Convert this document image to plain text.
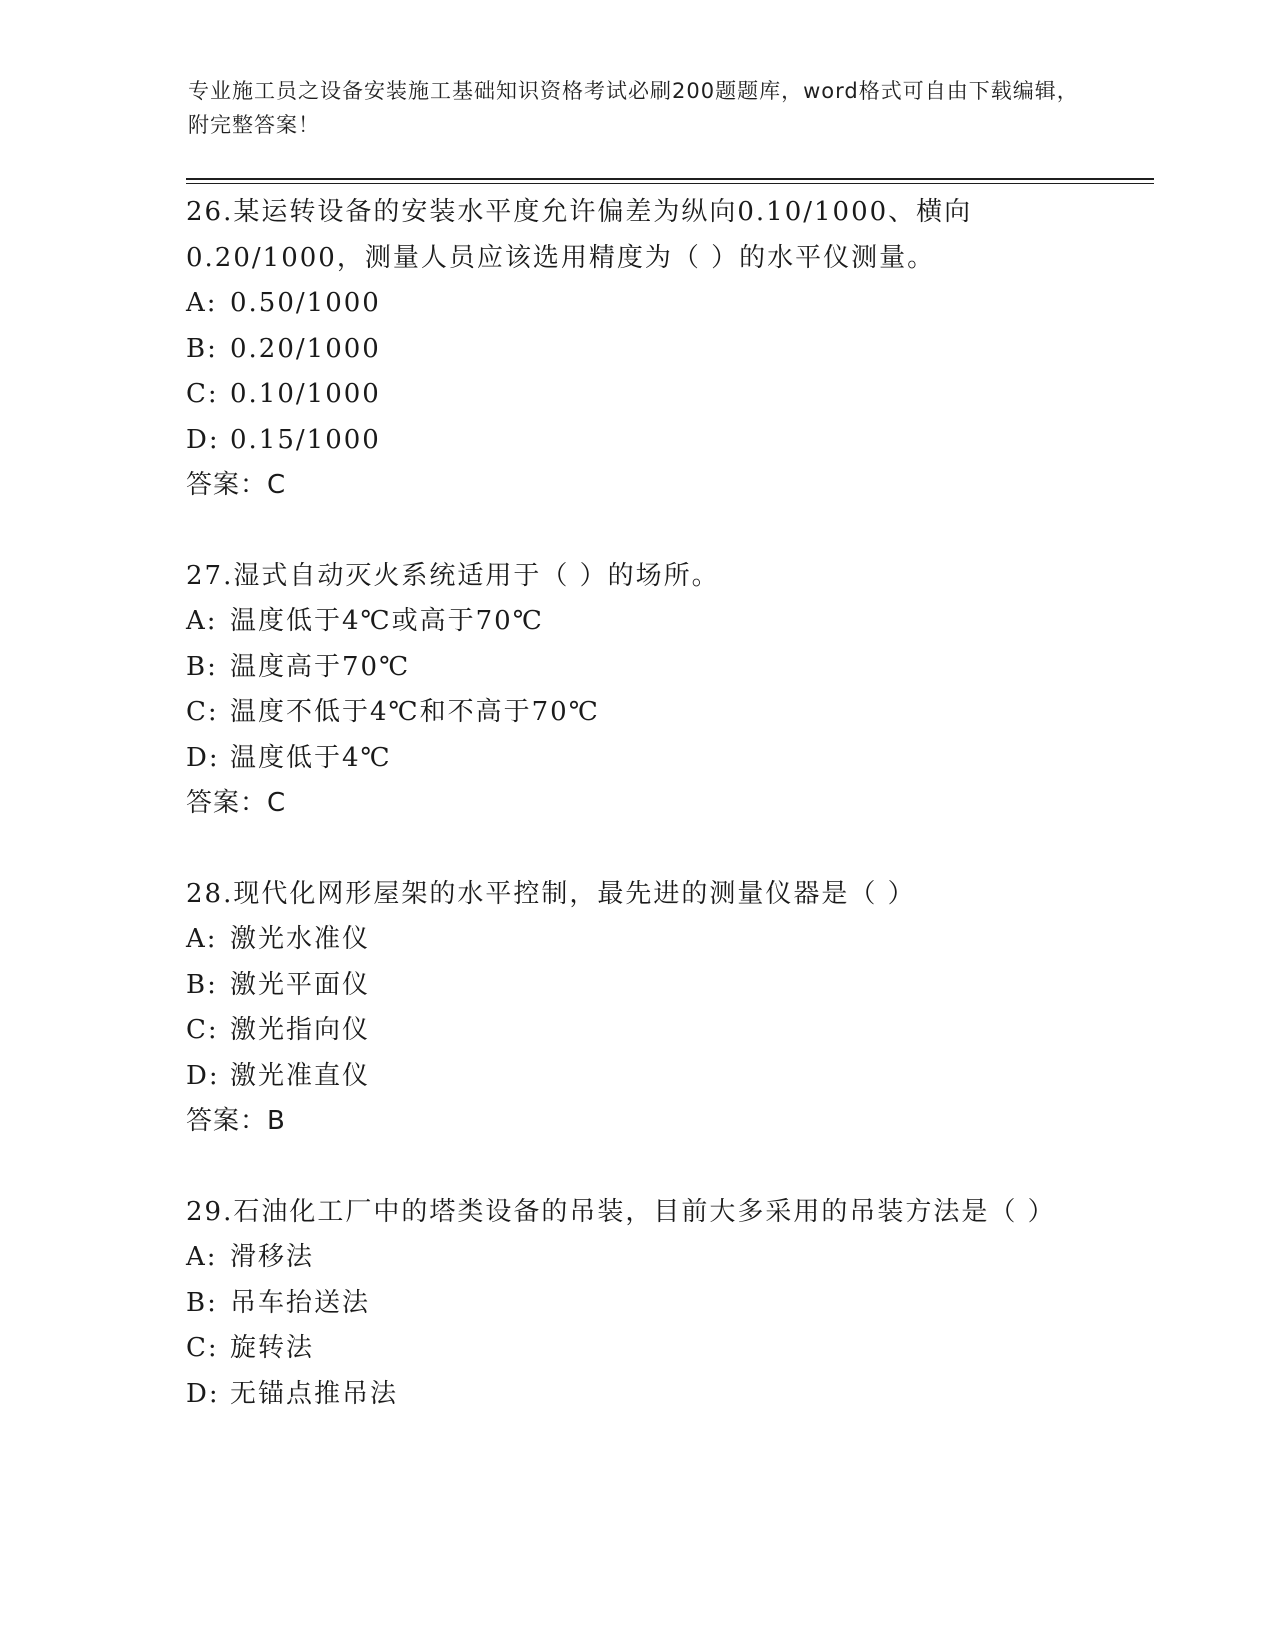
专业施工员之设备安装施工基础知识资格考试必刷200题题库，word格式可自由下载编辑，附完整答案！

26.某运转设备的安装水平度允许偏差为纵向0.10/1000、横向
0.20/1000，测量人员应该选用精度为（ ）的水平仪测量。

A: 0.50/1000
B: 0.20/1000
C: 0.10/1000
D: 0.15/1000

答案：C

27.湿式自动灭火系统适用于（ ）的场所。

A: 温度低于4℃或高于70℃
B: 温度高于70℃
C: 温度不低于4℃和不高于70℃
D: 温度低于4℃

答案：C

28.现代化网形屋架的水平控制，最先进的测量仪器是（ ）

A: 激光水准仪
B: 激光平面仪
C: 激光指向仪
D: 激光准直仪

答案：B

29.石油化工厂中的塔类设备的吊装，目前大多采用的吊装方法是（ ）

A: 滑移法
B: 吊车抬送法
C: 旋转法
D: 无锚点推吊法
